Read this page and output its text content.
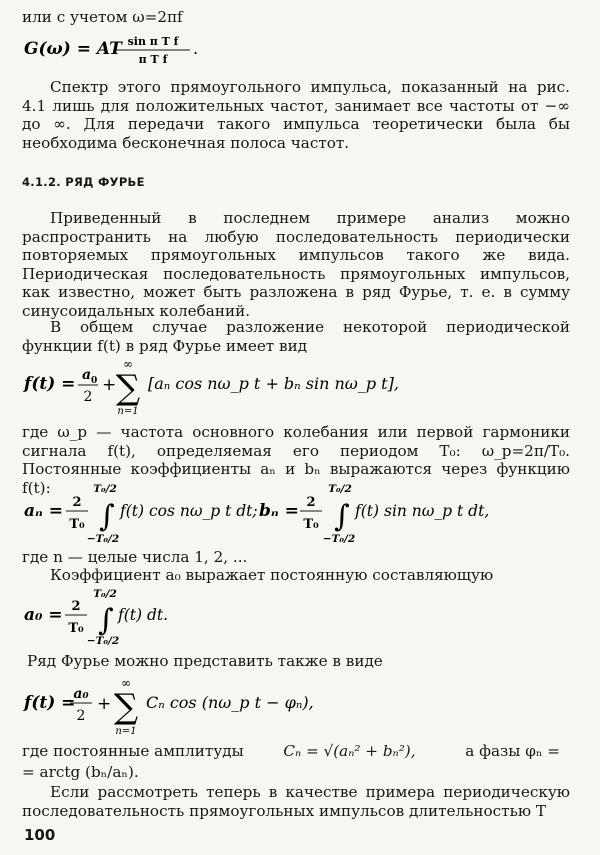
или с учетом ω=2πf
G(ω) = AT sin π T f
π T f
.
Спектр этого прямоугольного импульса, показанный на рис. 4.1 лишь для положительных частот, занимает все частоты от −∞ до ∞. Для передачи такого импульса теоретически была бы необходима бесконечная полоса частот.
4.1.2. РЯД ФУРЬЕ
Приведенный в последнем примере анализ можно распространить на любую последовательность периодически повторяемых прямоугольных импульсов такого же вида. Периодическая последовательность прямоугольных импульсов, как известно, может быть разложена в ряд Фурье, т. е. в сумму синусоидальных колебаний.
В общем случае разложение некоторой периодической функции f(t) в ряд Фурье имеет вид
f(t) = a 0
2
+
∞
∑
n=1
[aₙ cos nω_p t + bₙ sin nω_p t],
где ω_p — частота основного колебания или первой гармоники сигнала f(t), определяемая его периодом T₀: ω_p=2π/T₀. Постоянные коэффициенты aₙ и bₙ выражаются через функцию f(t):
aₙ = 2
T₀
T₀/2
∫
−T₀/2
f(t) cos nω_p t dt; bₙ = 2
T₀
T₀/2
∫
−T₀/2
f(t) sin nω_p t dt,
где n — целые числа 1, 2, ...
Коэффициент a₀ выражает постоянную составляющую
a₀ = 2
T₀
T₀/2
∫
−T₀/2
f(t) dt.
Ряд Фурье можно представить также в виде
f(t) =
a₀
2
+
∞
∑
n=1
Cₙ cos (nω_p t − φₙ),
где постоянные амплитуды	Cₙ = √(aₙ² + bₙ²),	а фазы φₙ =
= arctg (bₙ/aₙ).
Если рассмотреть теперь в качестве примера периодическую последовательность прямоугольных импульсов длительностью T
100
